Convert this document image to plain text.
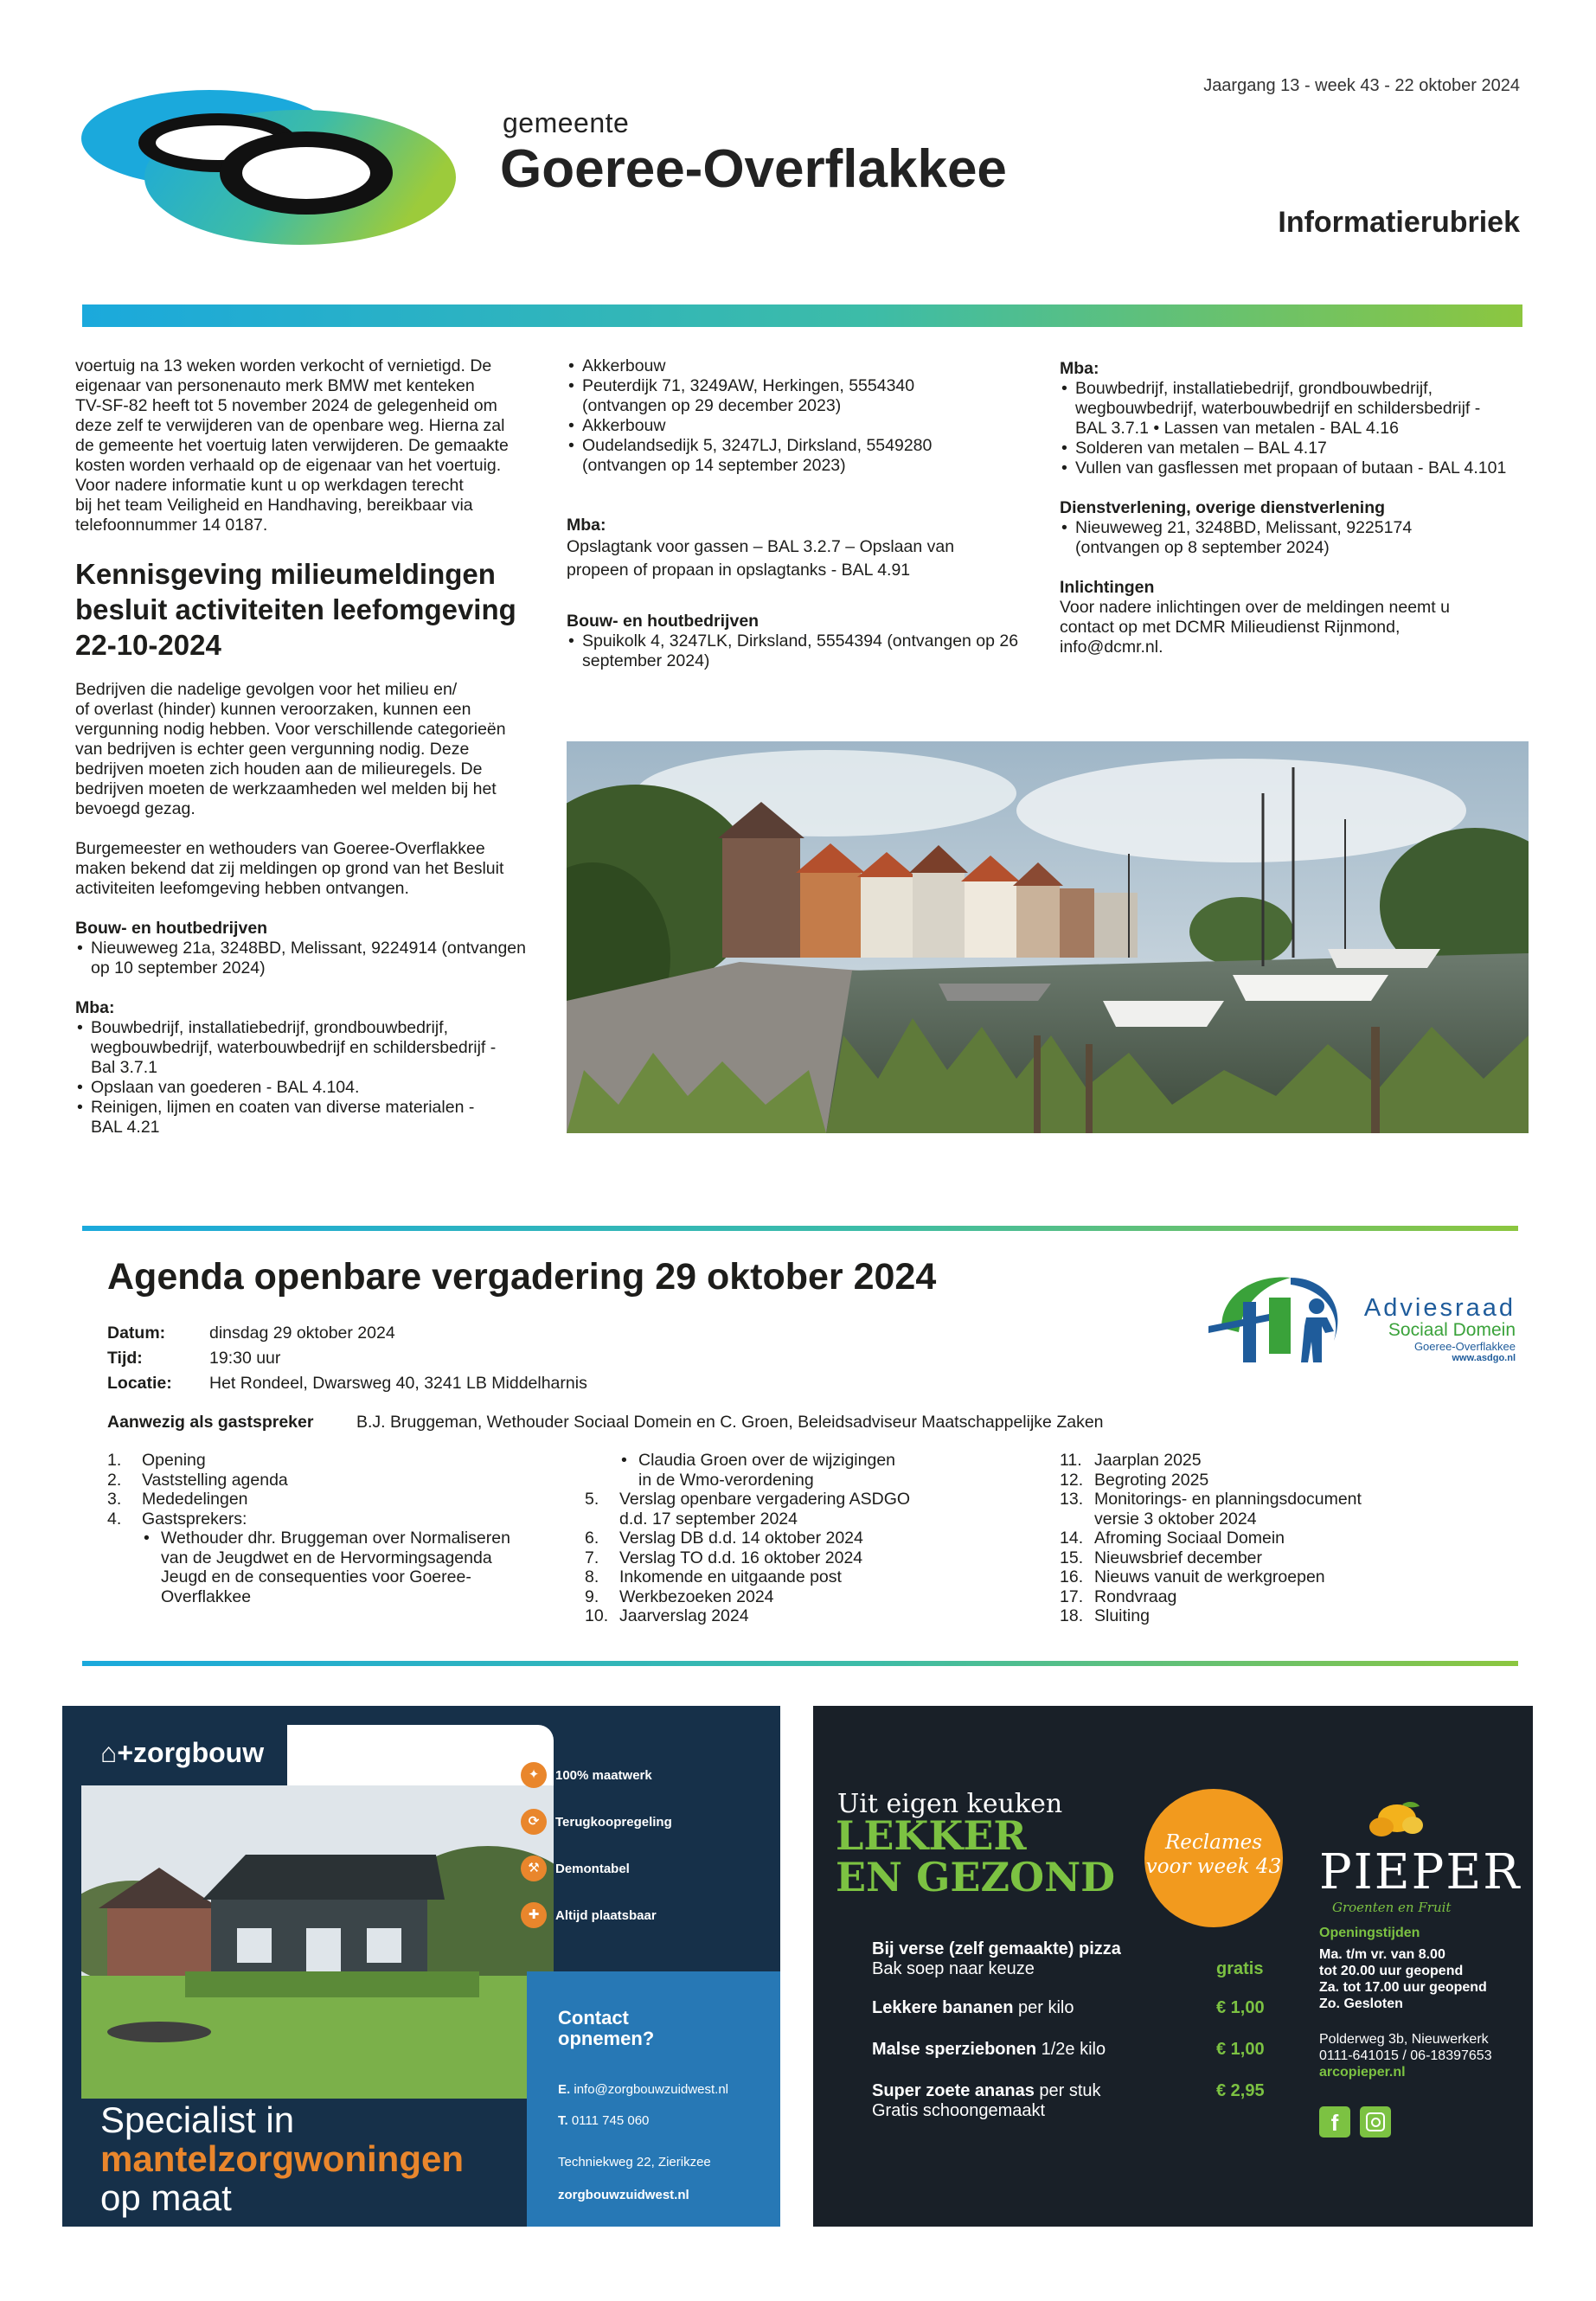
Jaargang 13 - week 43 - 22 oktober 2024
gemeente
Goeree-Overflakkee
Informatierubriek

voertuig na 13 weken worden verkocht of vernietigd. De
eigenaar van personenauto merk BMW met kenteken
TV-SF-82 heeft tot 5 november 2024 de gelegenheid om
deze zelf te verwijderen van de openbare weg. Hierna zal
de gemeente het voertuig laten verwijderen. De gemaakte
kosten worden verhaald op de eigenaar van het voertuig.
Voor nadere informatie kunt u op werkdagen terecht
bij het team Veiligheid en Handhaving, bereikbaar via
telefoonnummer 14 0187.

Kennisgeving milieumeldingen
besluit activiteiten leefomgeving
22-10-2024

Bedrijven die nadelige gevolgen voor het milieu en/
of overlast (hinder) kunnen veroorzaken, kunnen een
vergunning nodig hebben. Voor verschillende categorieën
van bedrijven is echter geen vergunning nodig. Deze
bedrijven moeten zich houden aan de milieuregels. De
bedrijven moeten de werkzaamheden wel melden bij het
bevoegd gezag.

Burgemeester en wethouders van Goeree-Overflakkee
maken bekend dat zij meldingen op grond van het Besluit
activiteiten leefomgeving hebben ontvangen.

Bouw- en houtbedrijven
• Nieuweweg 21a, 3248BD, Melissant, 9224914 (ontvangen
op 10 september 2024)
Mba:
• Bouwbedrijf, installatiebedrijf, grondbouwbedrijf,
wegbouwbedrijf, waterbouwbedrijf en schildersbedrijf -
Bal 3.7.1
• Opslaan van goederen - BAL 4.104.
• Reinigen, lijmen en coaten van diverse materialen -
BAL 4.21
• Akkerbouw
• Peuterdijk 71, 3249AW, Herkingen, 5554340
(ontvangen op 29 december 2023)
• Akkerbouw
• Oudelandsedijk 5, 3247LJ, Dirksland, 5549280
(ontvangen op 14 september 2023)
Mba:

Opslagtank voor gassen – BAL 3.2.7 – Opslaan van
propeen of propaan in opslagtanks - BAL 4.91

Bouw- en houtbedrijven
• Spuikolk 4, 3247LK, Dirksland, 5554394 (ontvangen op 26
september 2024)
Mba:
• Bouwbedrijf, installatiebedrijf, grondbouwbedrijf,
wegbouwbedrijf, waterbouwbedrijf en schildersbedrijf -
BAL 3.7.1 • Lassen van metalen - BAL 4.16
• Solderen van metalen – BAL 4.17
• Vullen van gasflessen met propaan of butaan - BAL 4.101
Dienstverlening, overige dienstverlening
• Nieuweweg 21, 3248BD, Melissant, 9225174
(ontvangen op 8 september 2024)
Inlichtingen

Voor nadere inlichtingen over de meldingen neemt u
contact op met DCMR Milieudienst Rijnmond,
info@dcmr.nl.

Agenda openbare vergadering 29 oktober 2024
Datum:	dinsdag 29 oktober 2024
Tijd:	19:30 uur
Locatie: Het Rondeel, Dwarsweg 40, 3241 LB Middelharnis
Aanwezig als gastspreker	B.J. Bruggeman, Wethouder Sociaal Domein en C. Groen, Beleidsadviseur Maatschappelijke Zaken
Adviesraad
Sociaal Domein
Goeree-Overflakkee
www.asdgo.nl
1. Opening
2. Vaststelling agenda
3. Mededelingen
4. Gastsprekers:
• Wethouder dhr. Bruggeman over Normaliseren
van de Jeugdwet en de Hervormingsagenda
Jeugd en de consequenties voor Goeree-
Overflakkee
• Claudia Groen over de wijzigingen
in de Wmo-verordening
5. Verslag openbare vergadering ASDGO
d.d. 17 september 2024
6. Verslag DB d.d. 14 oktober 2024
7. Verslag TO d.d. 16 oktober 2024
8. Inkomende en uitgaande post
9. Werkbezoeken 2024
10. Jaarverslag 2024
11. Jaarplan 2025
12. Begroting 2025
13. Monitorings- en planningsdocument
versie 3 oktober 2024
14. Afroming Sociaal Domein
15. Nieuwsbrief december
16. Nieuws vanuit de werkgroepen
17. Rondvraag
18. Sluiting
⌂+zorgbouw
Specialist in
mantelzorgwoningen
op maat
✦	100% maatwerk
⟳	Terugkoopregeling
⚒	Demontabel
✚	Altijd plaatsbaar
Contact
opnemen?
E. info@zorgbouwzuidwest.nl
T. 0111 745 060
Techniekweg 22, Zierikzee
zorgbouwzuidwest.nl
Uit eigen keuken
LEKKER
EN GEZOND
Reclames
voor week 43 PIEPER
Groenten en Fruit
Bij verse (zelf gemaakte) pizza
Bak soep naar keuze	gratis
Lekkere bananen per kilo	€ 1,00
Malse sperziebonen 1/2e kilo	€ 1,00
Super zoete ananas per stuk
Gratis schoongemaakt
€ 2,95
Openingstijden
Ma. t/m vr. van 8.00
tot 20.00 uur geopend
Za. tot 17.00 uur geopend
Zo. Gesloten
Polderweg 3b, Nieuwerkerk
0111-641015 / 06-18397653
arcopieper.nl
f
